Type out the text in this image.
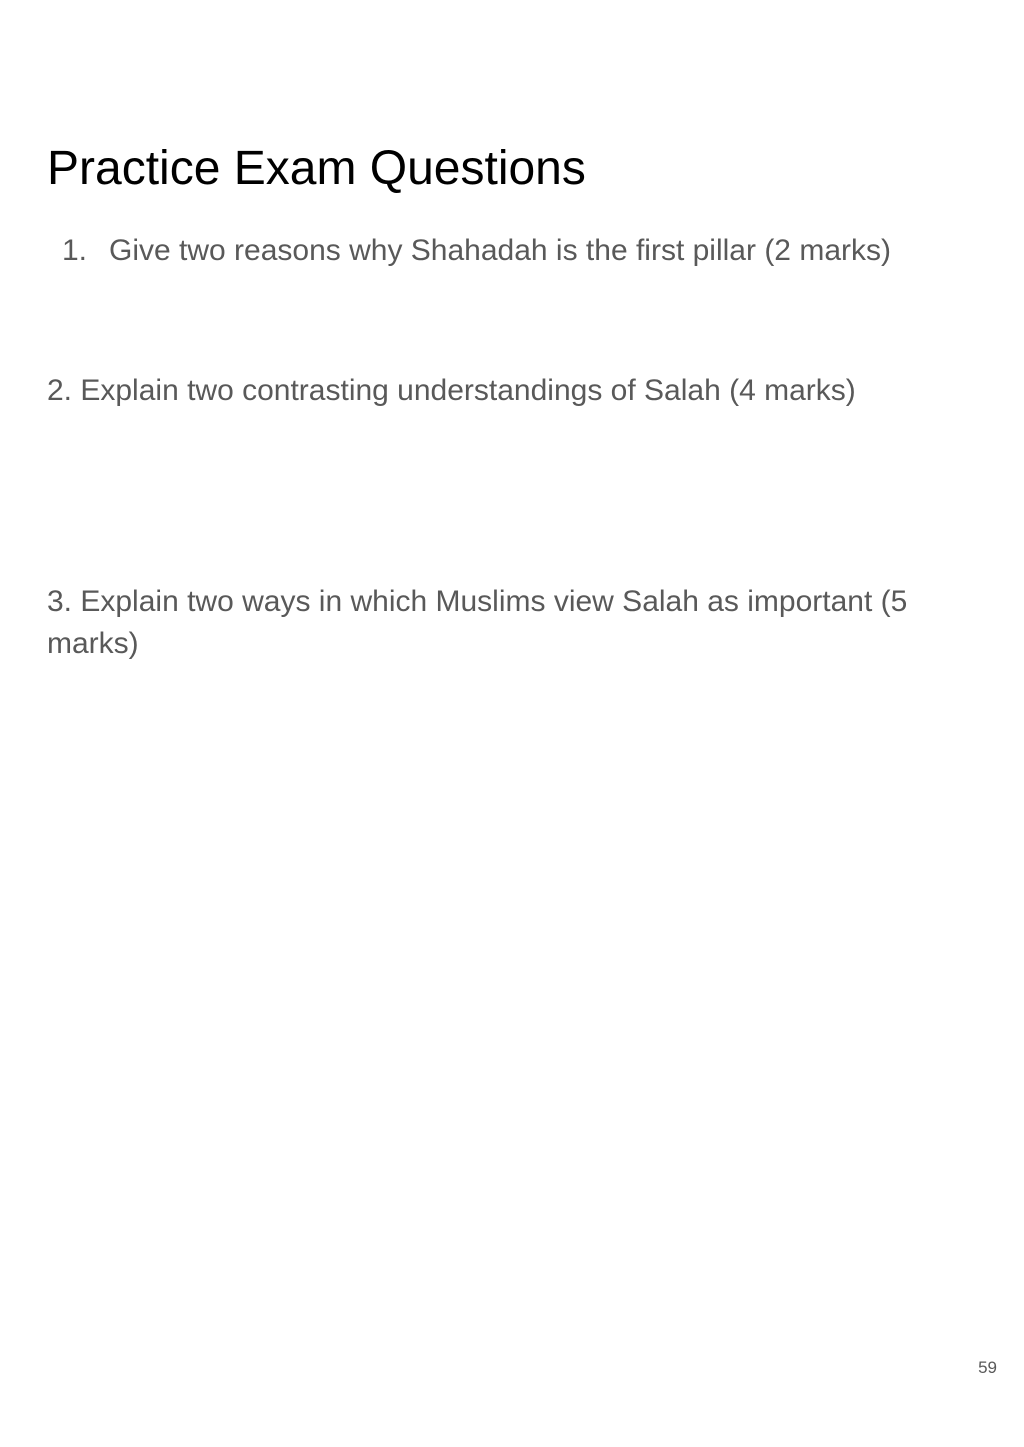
Practice Exam Questions
1. Give two reasons why Shahadah is the first pillar (2 marks)
2. Explain two contrasting understandings of Salah (4 marks)
3. Explain two ways in which Muslims view Salah as important (5 marks)
59
